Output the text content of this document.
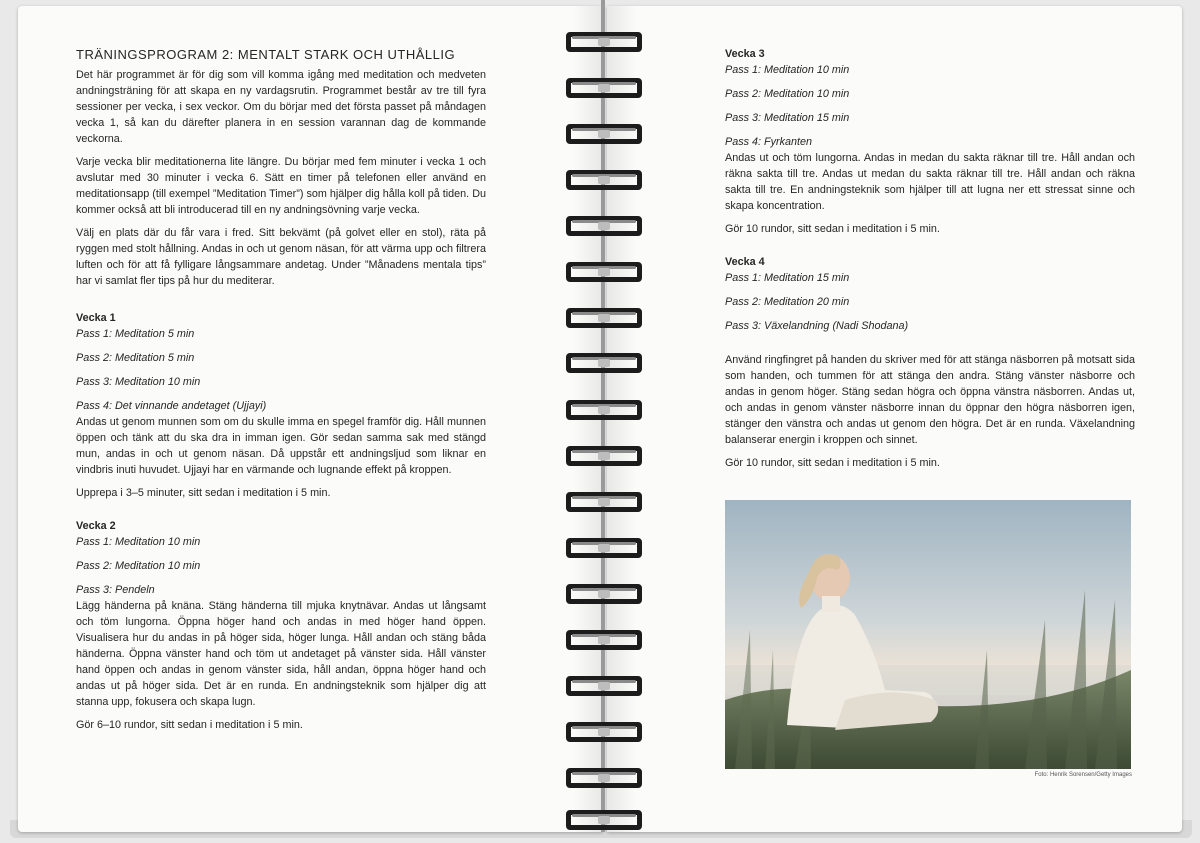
TRÄNINGSPROGRAM 2: MENTALT STARK OCH UTHÅLLIG

Det här programmet är för dig som vill komma igång med meditation och medveten andningsträning för att skapa en ny vardagsrutin. Programmet består av tre till fyra sessioner per vecka, i sex veckor. Om du börjar med det första passet på måndagen vecka 1, så kan du därefter planera in en session varannan dag de kommande veckorna.

Varje vecka blir meditationerna lite längre. Du börjar med fem minuter i vecka 1 och avslutar med 30 minuter i vecka 6. Sätt en timer på telefonen eller använd en meditationsapp (till exempel ”Meditation Timer”) som hjälper dig hålla koll på tiden. Du kommer också att bli introducerad till en ny andningsövning varje vecka.

Välj en plats där du får vara i fred. Sitt bekvämt (på golvet eller en stol), räta på ryggen med stolt hållning. Andas in och ut genom näsan, för att värma upp och filtrera luften och för att få fylligare långsammare andetag. Under ”Månadens mentala tips” har vi samlat fler tips på hur du mediterar.

Vecka 1
Pass 1: Meditation 5 min
Pass 2: Meditation 5 min
Pass 3: Meditation 10 min
Pass 4: Det vinnande andetaget (Ujjayi)

Andas ut genom munnen som om du skulle imma en spegel framför dig. Håll munnen öppen och tänk att du ska dra in imman igen. Gör sedan samma sak med stängd mun, andas in och ut genom näsan. Då uppstår ett andningsljud som liknar en vindbris inuti huvudet. Ujjayi har en värmande och lugnande effekt på kroppen.

Upprepa i 3–5 minuter, sitt sedan i meditation i 5 min.

Vecka 2
Pass 1: Meditation 10 min
Pass 2: Meditation 10 min
Pass 3: Pendeln

Lägg händerna på knäna. Stäng händerna till mjuka knytnävar. Andas ut långsamt och töm lungorna. Öppna höger hand och andas in med höger hand öppen. Visualisera hur du andas in på höger sida, höger lunga. Håll andan och stäng båda händerna. Öppna vänster hand och töm ut andetaget på vänster sida. Håll vänster hand öppen och andas in genom vänster sida, håll andan, öppna höger hand och andas ut på höger sida. Det är en runda. En andningsteknik som hjälper dig att stanna upp, fokusera och skapa lugn.

Gör 6–10 rundor, sitt sedan i meditation i 5 min.

Vecka 3
Pass 1: Meditation 10 min
Pass 2: Meditation 10 min
Pass 3: Meditation 15 min
Pass 4: Fyrkanten

Andas ut och töm lungorna. Andas in medan du sakta räknar till tre. Håll andan och räkna sakta till tre. Andas ut medan du sakta räknar till tre. Håll andan och räkna sakta till tre. En andningsteknik som hjälper till att lugna ner ett stressat sinne och skapa koncentration.

Gör 10 rundor, sitt sedan i meditation i 5 min.

Vecka 4
Pass 1: Meditation 15 min
Pass 2: Meditation 20 min
Pass 3: Växelandning (Nadi Shodana)

Använd ringfingret på handen du skriver med för att stänga näsborren på motsatt sida som handen, och tummen för att stänga den andra. Stäng vänster näsborre och andas in genom höger. Stäng sedan högra och öppna vänstra näsborren. Andas ut, och andas in genom vänster näsborre innan du öppnar den högra näsborren igen, stänger den vänstra och andas ut genom den högra. Det är en runda. Växelandning balanserar energin i kroppen och sinnet.

Gör 10 rundor, sitt sedan i meditation i 5 min.

Foto: Henrik Sorensen/Getty Images
